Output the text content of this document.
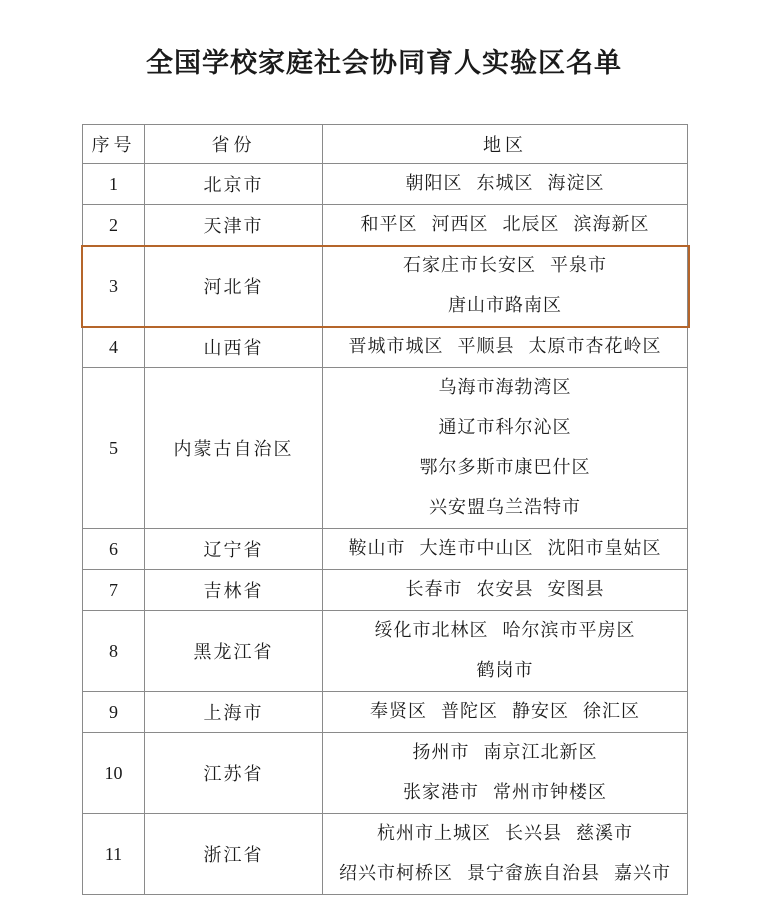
全国学校家庭社会协同育人实验区名单
序号	省份	地区
1	北京市	朝阳区 东城区 海淀区

2	天津市	和平区 河西区 北辰区 滨海新区

3	河北省	石家庄市长安区 平泉市
唐山市路南区

4	山西省	晋城市城区 平顺县 太原市杏花岭区

5	内蒙古自治区	乌海市海勃湾区
通辽市科尔沁区
鄂尔多斯市康巴什区
兴安盟乌兰浩特市

6	辽宁省	鞍山市 大连市中山区 沈阳市皇姑区

7	吉林省	长春市 农安县 安图县

8	黑龙江省	绥化市北林区 哈尔滨市平房区
鹤岗市

9	上海市	奉贤区 普陀区 静安区 徐汇区

10	江苏省	扬州市 南京江北新区
张家港市 常州市钟楼区

11	浙江省	杭州市上城区 长兴县 慈溪市
绍兴市柯桥区 景宁畲族自治县 嘉兴市
